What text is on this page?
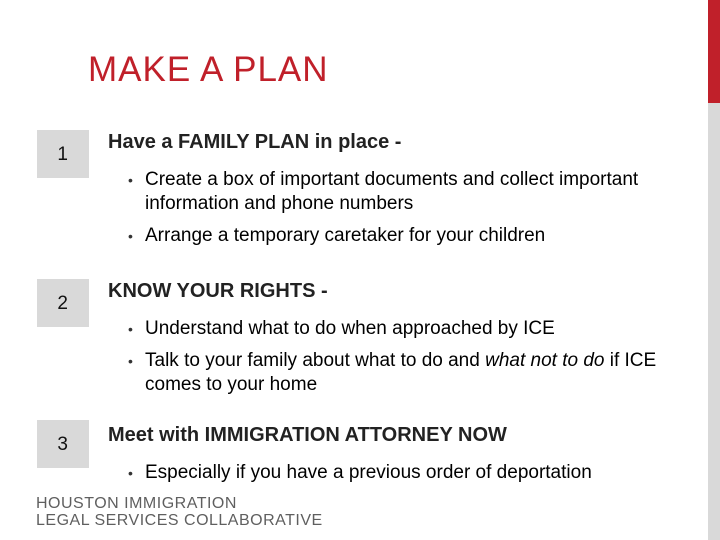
MAKE A PLAN
1
Have a FAMILY PLAN in place -
• Create a box of important documents and collect important information and phone numbers
• Arrange a temporary caretaker for your children
2
KNOW YOUR RIGHTS -
• Understand what to do when approached by ICE
• Talk to your family about what to do and what not to do if ICE comes to your home
3 Meet with IMMIGRATION ATTORNEY NOW
• Especially if you have a previous order of deportation
HOUSTON IMMIGRATION
LEGAL SERVICES COLLABORATIVE
